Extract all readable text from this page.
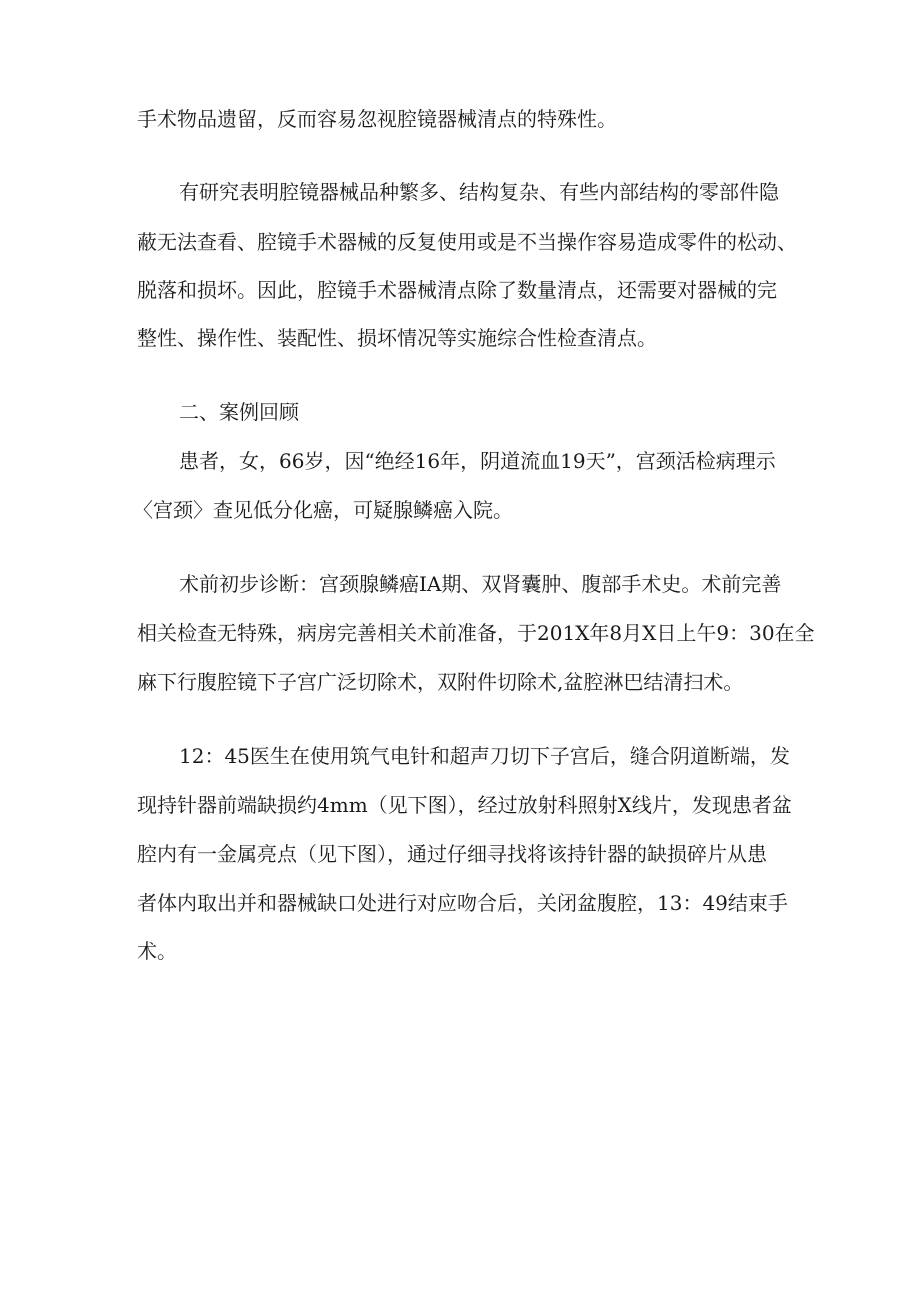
手术物品遗留，反而容易忽视腔镜器械清点的特殊性。
有研究表明腔镜器械品种繁多、结构复杂、有些内部结构的零部件隐
蔽无法查看、腔镜手术器械的反复使用或是不当操作容易造成零件的松动、
脱落和损坏。因此，腔镜手术器械清点除了数量清点，还需要对器械的完
整性、操作性、装配性、损坏情况等实施综合性检查清点。
二、案例回顾
患者，女，66岁，因“绝经16年，阴道流血19天”，宫颈活检病理示
〈宫颈〉查见低分化癌，可疑腺鳞癌入院。
术前初步诊断：宫颈腺鳞癌IA期、双肾囊肿、腹部手术史。术前完善
相关检查无特殊，病房完善相关术前准备，于201X年8月X日上午9：30在全
麻下行腹腔镜下子宫广泛切除术，双附件切除术,盆腔淋巴结清扫术。
12：45医生在使用筑气电针和超声刀切下子宫后，缝合阴道断端，发
现持针器前端缺损约4mm（见下图），经过放射科照射X线片，发现患者盆
腔内有一金属亮点（见下图），通过仔细寻找将该持针器的缺损碎片从患
者体内取出并和器械缺口处进行对应吻合后，关闭盆腹腔，13：49结束手
术。
